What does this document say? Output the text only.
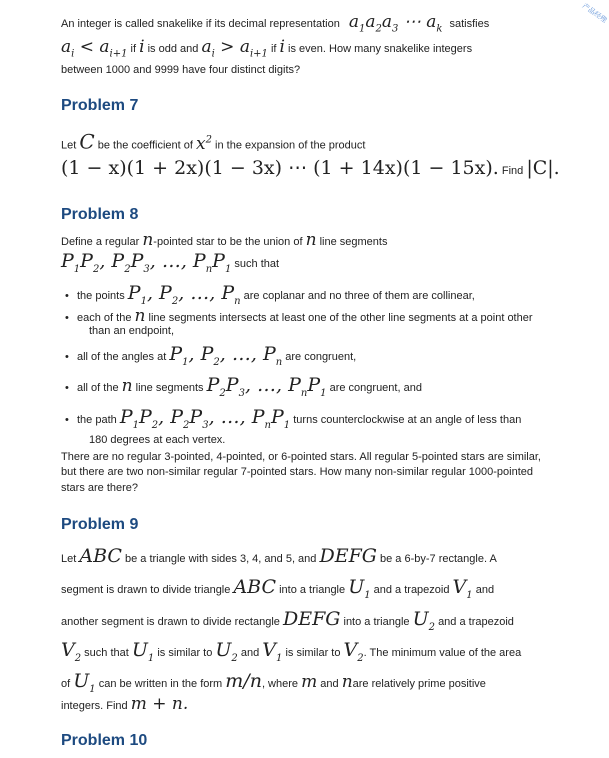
产品经理
An integer is called snakelike if its decimal representation $a_1a_2a_3$ ⋯ $a_k$ satisfies
$a_i < a_{i+1}$ if i is odd and $a_i > a_{i+1}$ if i is even. How many snakelike integers
between 1000 and 9999 have four distinct digits?
Problem 7
Let C be the coefficient of $x^2$ in the expansion of the product
(1 − x)(1 + 2x)(1 − 3x) ⋯ (1 + 14x)(1 − 15x). Find |C|.
Problem 8
Define a regular n-pointed star to be the union of n line segments
$P_1P_2$, $P_2P_3$, …, $P_nP_1$ such that
• the points $P_1$, $P_2$, …, $P_n$ are coplanar and no three of them are collinear,
• each of the n line segments intersects at least one of the other line segments at a point other
than an endpoint,
• all of the angles at $P_1$, $P_2$, …, $P_n$ are congruent,
• all of the n line segments $P_2P_3$, …, $P_nP_1$ are congruent, and
• the path $P_1P_2$, $P_2P_3$, …, $P_nP_1$ turns counterclockwise at an angle of less than
180 degrees at each vertex.
There are no regular 3-pointed, 4-pointed, or 6-pointed stars. All regular 5-pointed stars are similar,
but there are two non-similar regular 7-pointed stars. How many non-similar regular 1000-pointed
stars are there?
Problem 9
Let ABC be a triangle with sides 3, 4, and 5, and DEFG be a 6-by-7 rectangle. A
segment is drawn to divide triangle ABC into a triangle $U_1$ and a trapezoid $V_1$ and
another segment is drawn to divide rectangle DEFG into a triangle $U_2$ and a trapezoid
$V_2$ such that $U_1$ is similar to $U_2$ and $V_1$ is similar to $V_2$. The minimum value of the area
of $U_1$ can be written in the form m/n, where m and nare relatively prime positive
integers. Find m + n.
Problem 10
